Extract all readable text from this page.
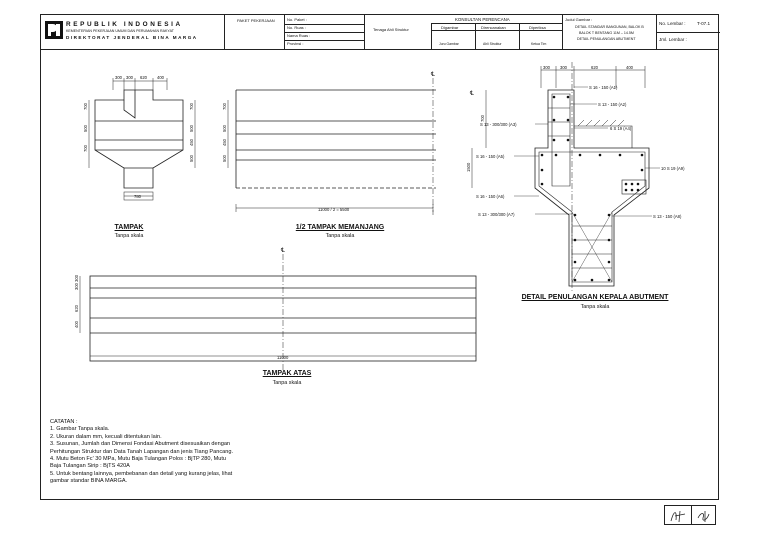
REPUBLIK INDONESIA
KEMENTERIAN PEKERJAAN UMUM DAN PERUMAHAN RAKYAT
DIREKTORAT JENDERAL BINA MARGA
PAKET PEKERJAAN	No. Paket :
No. Ruas :
Nama Ruas :
Provinsi :
KONSULTAN PERENCANA
Tenaga Ahli Struktur	Digambar	Direncanakan	Diperiksa
Juru Gambar	Ahli Struktur	Ketua Tim
Judul Gambar :
DETAIL STANDAR BANGUNAN, BALOK B
BALOK T BENTANG 11M – 14.5M
DETAIL PENULANGAN ABUTMENT
No. Lembar : T-07.1
Jml. Lembar :
300 300 620 400
700
500
700
700
500
450
500
780
700
500
450
500
11000 / 2 = 5500
℄
300 300
620
400
11000
℄
300 300	620	400
700
1500
℄
S 16 - 150 (A1)
S 13 - 150 (A2)
S 13 - 300/300 (A3)
6 S 19 (A4)
S 16 - 150 (A5)
10 S 19 (A9)
S 16 - 150 (A6)
S 13 - 300/300 (A7)	S 13 - 150 (A8)
TAMPAK
Tanpa skala
1/2 TAMPAK MEMANJANG
Tanpa skala
TAMPAK ATAS
Tanpa skala
DETAIL PENULANGAN KEPALA ABUTMENT
Tanpa skala
CATATAN :
1. Gambar Tanpa skala.
2. Ukuran dalam mm, kecuali ditentukan lain.
3. Susunan, Jumlah dan Dimensi Fondasi Abutment disesuaikan dengan
Perhitungan Struktur dan Data Tanah Lapangan dan jenis Tiang Pancang.
4. Mutu Beton Fc' 30 MPa, Mutu Baja Tulangan Polos : BjTP 280, Mutu
Baja Tulangan Sirip : BjTS 420A
5. Untuk bentang lainnya, pembebanan dan detail yang kurang jelas, lihat
gambar standar BINA MARGA.
